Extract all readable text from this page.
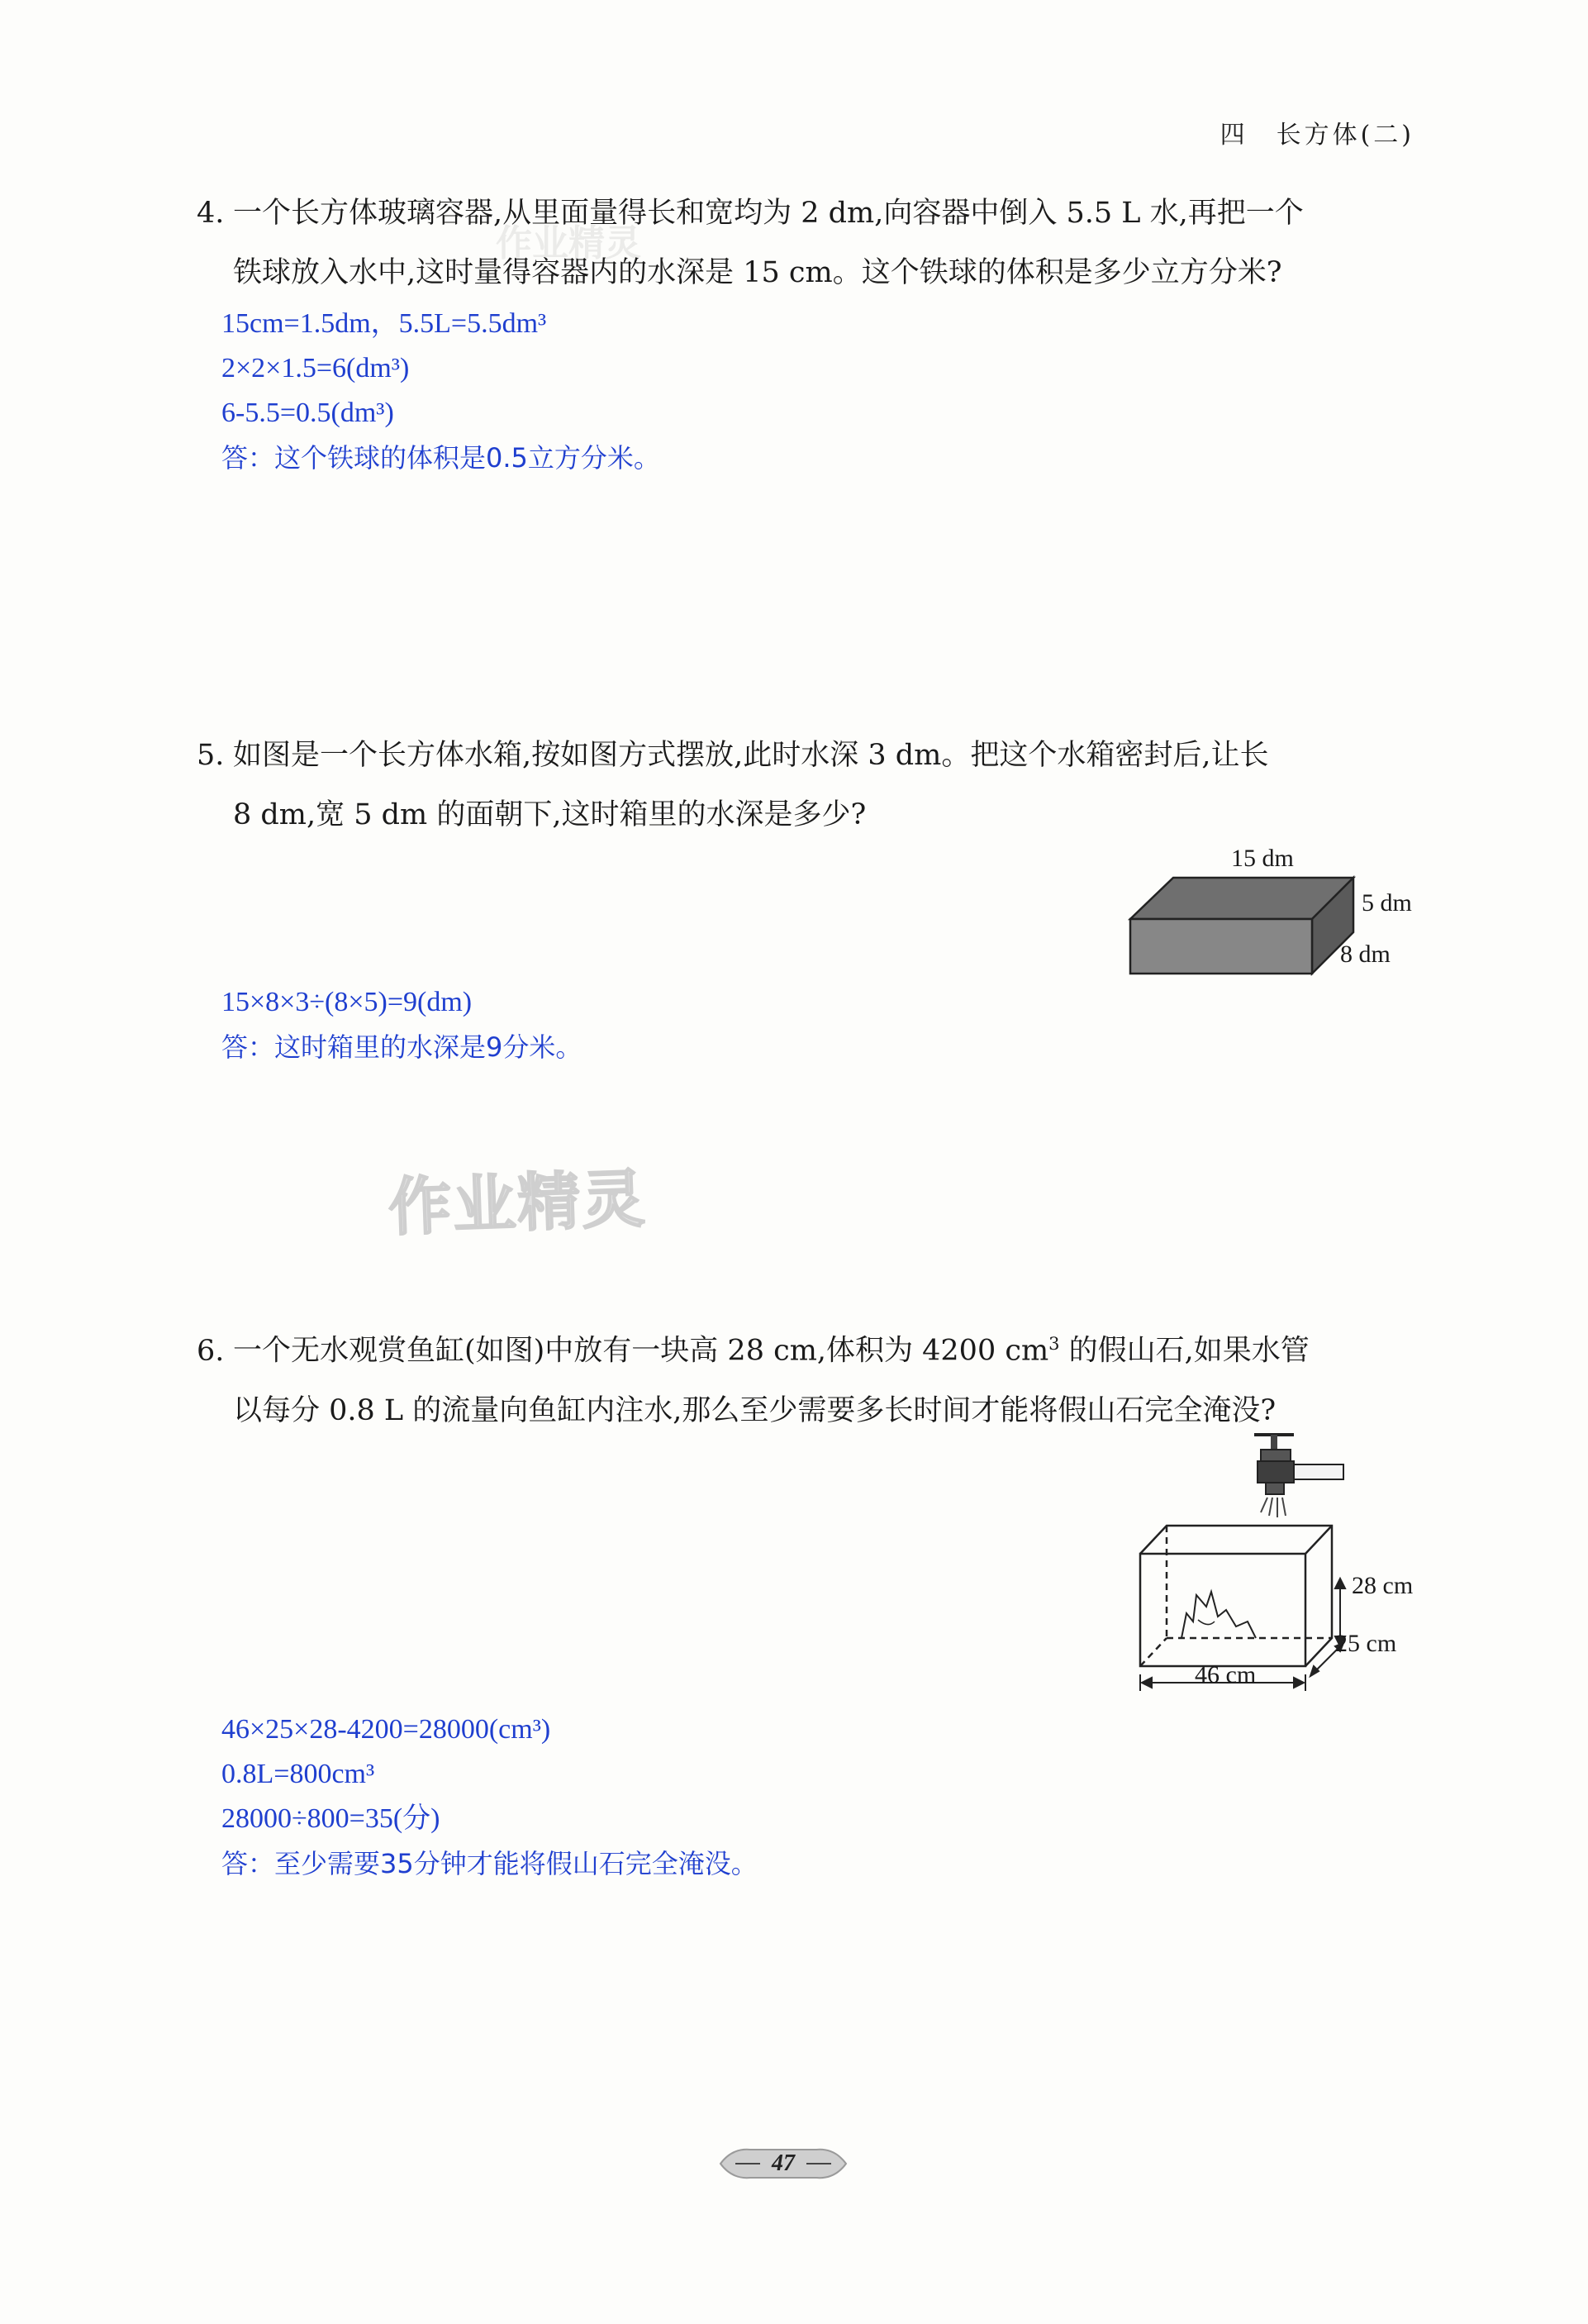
四　长方体(二)
作业精灵
作业精灵
4. 一个长方体玻璃容器,从里面量得长和宽均为 2 dm,向容器中倒入 5.5 L 水,再把一个
铁球放入水中,这时量得容器内的水深是 15 cm。这个铁球的体积是多少立方分米?
15cm=1.5dm，5.5L=5.5dm³
2×2×1.5=6(dm³)
6-5.5=0.5(dm³)
答：这个铁球的体积是0.5立方分米。
5. 如图是一个长方体水箱,按如图方式摆放,此时水深 3 dm。把这个水箱密封后,让长
8 dm,宽 5 dm 的面朝下,这时箱里的水深是多少?
15 dm
5 dm
8 dm
15×8×3÷(8×5)=9(dm)
答：这时箱里的水深是9分米。
6. 一个无水观赏鱼缸(如图)中放有一块高 28 cm,体积为 4200 $cm^3$ 的假山石,如果水管
以每分 0.8 L 的流量向鱼缸内注水,那么至少需要多长时间才能将假山石完全淹没?
28 cm
25 cm
46 cm
46×25×28-4200=28000(cm³)
0.8L=800cm³
28000÷800=35(分)
答：至少需要35分钟才能将假山石完全淹没。
47
